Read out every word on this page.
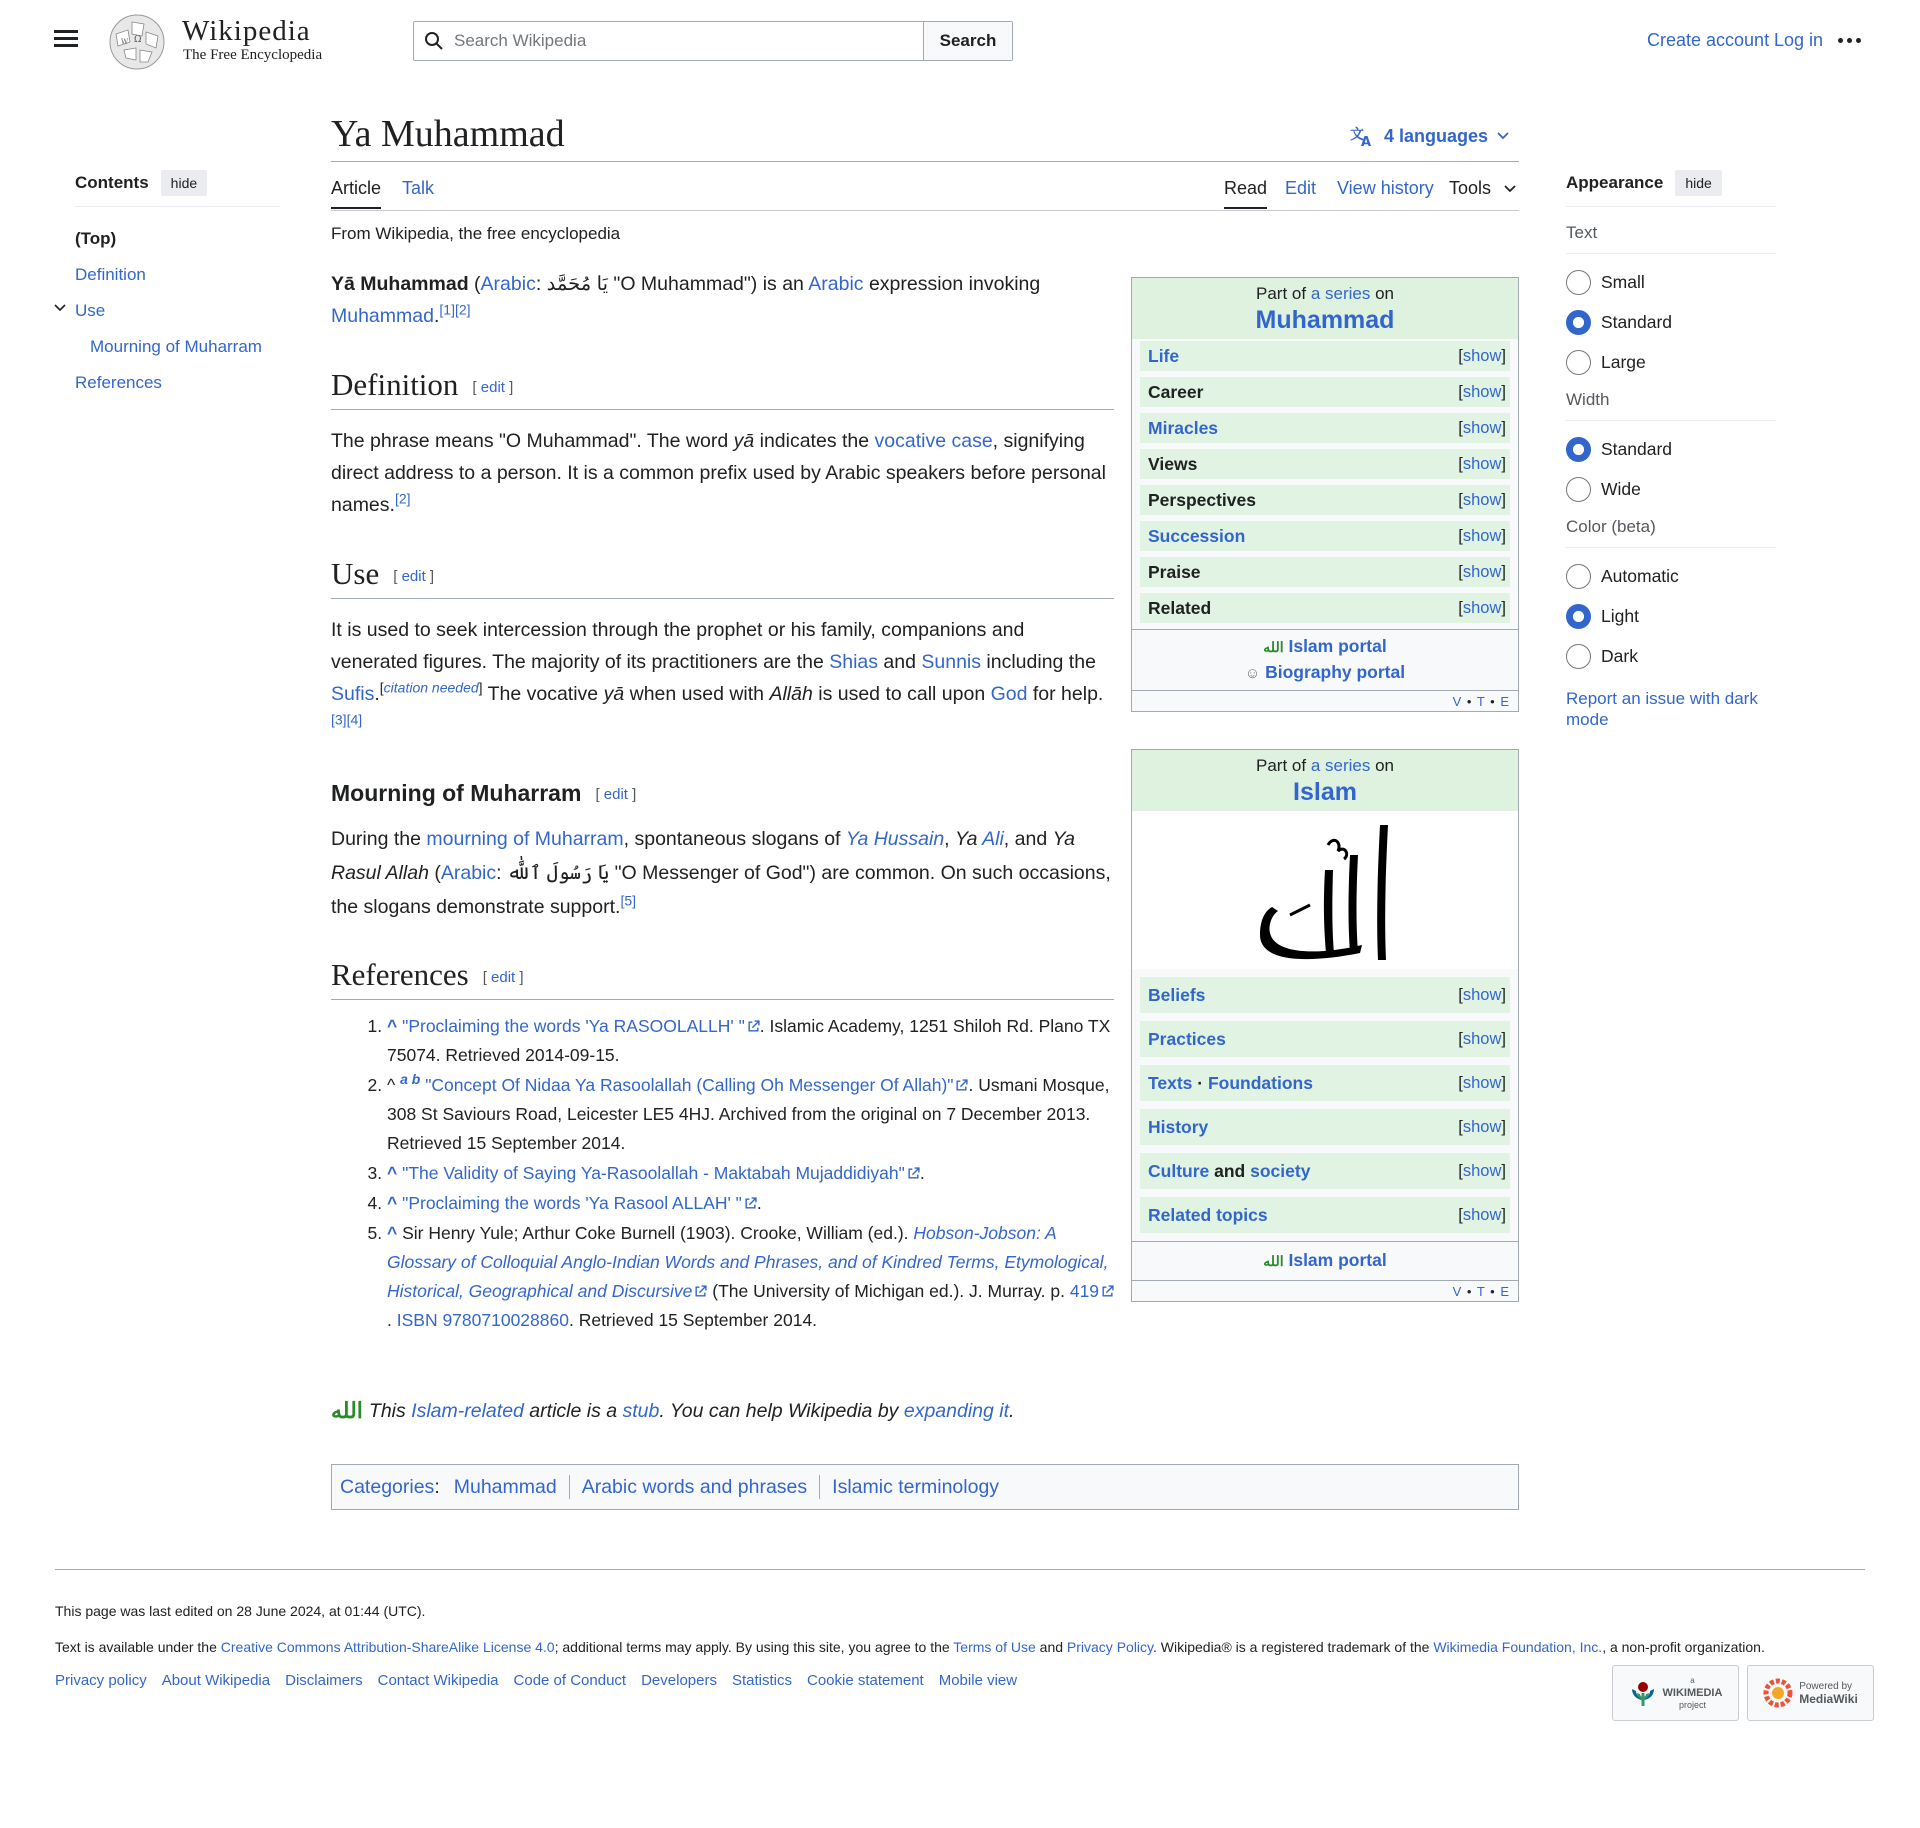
Ω
W Wikipedia
The Free Encyclopedia
Search Wikipedia
Search	Create account Log in
Contents	hide
(Top)
Definition
Use
Mourning of Muharram
References
Ya Muhammad	文
A 4 languages
Article Talk	Read Edit View history Tools
From Wikipedia, the free encyclopedia

Yā Muhammad (Arabic: يَا مُحَمَّد "O Muhammad") is an Arabic expression invoking Muhammad.[1][2]

Definition [ edit ]

The phrase means "O Muhammad". The word yā indicates the vocative case, signifying direct address to a person. It is a common prefix used by Arabic speakers before personal names.[2]

Use [ edit ]

It is used to seek intercession through the prophet or his family, companions and venerated figures. The majority of its practitioners are the Shias and Sunnis including the Sufis.[citation needed] The vocative yā when used with Allāh is used to call upon God for help.[3][4]

Mourning of Muharram [ edit ]

During the mourning of Muharram, spontaneous slogans of Ya Hussain, Ya Ali, and Ya Rasul Allah (Arabic: يَا رَسُولَ ٱللَّٰه "O Messenger of God") are common. On such occasions, the slogans demonstrate support.[5]

References [ edit ]
1. ^ "Proclaiming the words 'Ya RASOOLALLH' " . Islamic Academy, 1251 Shiloh Rd. Plano TX 75074. Retrieved 2014-09-15.
2. ^ $^{a b}$ "Concept Of Nidaa Ya Rasoolallah (Calling Oh Messenger Of Allah)" . Usmani Mosque, 308 St Saviours Road, Leicester LE5 4HJ. Archived from the original on 7 December 2013. Retrieved 15 September 2014.
3. ^ "The Validity of Saying Ya-Rasoolallah - Maktabah Mujaddidiyah" .
4. ^ "Proclaiming the words 'Ya Rasool ALLAH' " .
5. ^ Sir Henry Yule; Arthur Coke Burnell (1903). Crooke, William (ed.). Hobson-Jobson: A Glossary of Colloquial Anglo-Indian Words and Phrases, and of Kindred Terms, Etymological, Historical, Geographical and Discursive (The University of Michigan ed.). J. Murray. p. 419. ISBN 9780710028860. Retrieved 15 September 2014.
Part of a series on
Muhammad
Life	[show]
Career	[show]
Miracles	[show]
Views	[show]
Perspectives	[show]
Succession	[show]
Praise	[show]
Related	[show]
الله Islam portal
☺ Biography portal
V • T • E
Part of a series on
Islam
Beliefs	[show]
Practices	[show]
Texts · Foundations	[show]
History	[show]
Culture and society	[show]
Related topics	[show]
الله Islam portal
V • T • E
الله This Islam-related article is a stub. You can help Wikipedia by expanding it.
Categories : Muhammad Arabic words and phrases Islamic terminology
Appearance	hide
Text
Small
Standard
Large
Width
Standard
Wide
Color (beta)
Automatic
Light
Dark
Report an issue with dark mode
This page was last edited on 28 June 2024, at 01:44 (UTC).
Text is available under the Creative Commons Attribution-ShareAlike License 4.0; additional terms may apply. By using this site, you agree to the Terms of Use and Privacy Policy. Wikipedia® is a registered trademark of the Wikimedia Foundation, Inc., a non-profit organization.
Privacy policy About Wikipedia Disclaimers Contact Wikipedia Code of Conduct Developers Statistics Cookie statement Mobile view	a
WIKIMEDIA
project
Powered by
MediaWiki
